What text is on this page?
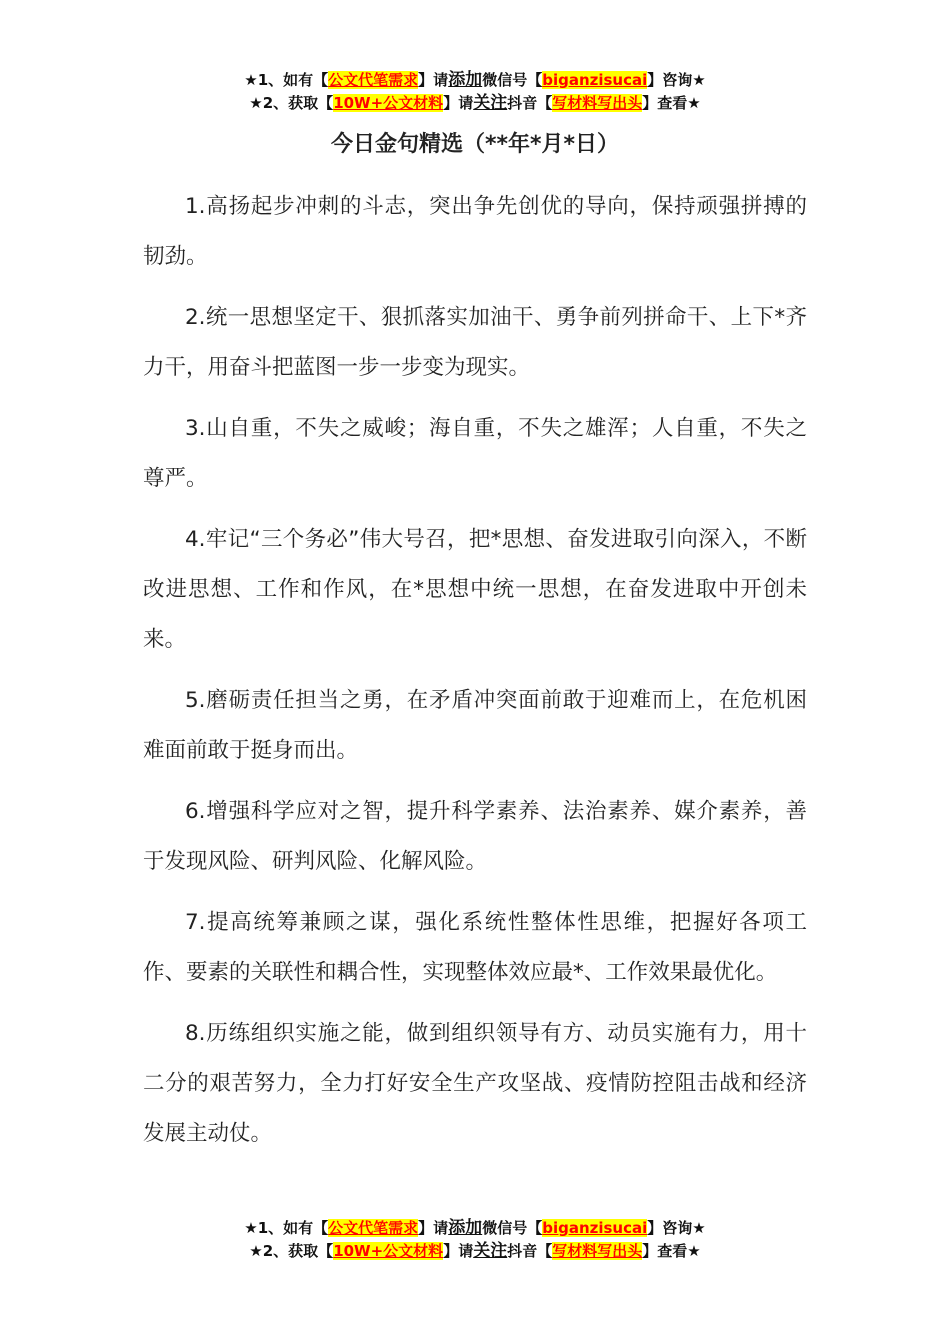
★1、如有【公文代笔需求】请添加微信号【biganzisucai】咨询★
★2、获取【10W+公文材料】请关注抖音【写材料写出头】查看★
今日金句精选（**年*月*日）

1.高扬起步冲刺的斗志，突出争先创优的导向，保持顽强拼搏的韧劲。

2.统一思想坚定干、狠抓落实加油干、勇争前列拼命干、上下*齐力干，用奋斗把蓝图一步一步变为现实。

3.山自重，不失之威峻；海自重，不失之雄浑；人自重，不失之尊严。

4.牢记“三个务必”伟大号召，把*思想、奋发进取引向深入，不断改进思想、工作和作风，在*思想中统一思想，在奋发进取中开创未来。

5.磨砺责任担当之勇，在矛盾冲突面前敢于迎难而上，在危机困难面前敢于挺身而出。

6.增强科学应对之智，提升科学素养、法治素养、媒介素养，善于发现风险、研判风险、化解风险。

7.提高统筹兼顾之谋，强化系统性整体性思维，把握好各项工作、要素的关联性和耦合性，实现整体效应最*、工作效果最优化。

8.历练组织实施之能，做到组织领导有方、动员实施有力，用十二分的艰苦努力，全力打好安全生产攻坚战、疫情防控阻击战和经济发展主动仗。

★1、如有【公文代笔需求】请添加微信号【biganzisucai】咨询★
★2、获取【10W+公文材料】请关注抖音【写材料写出头】查看★
